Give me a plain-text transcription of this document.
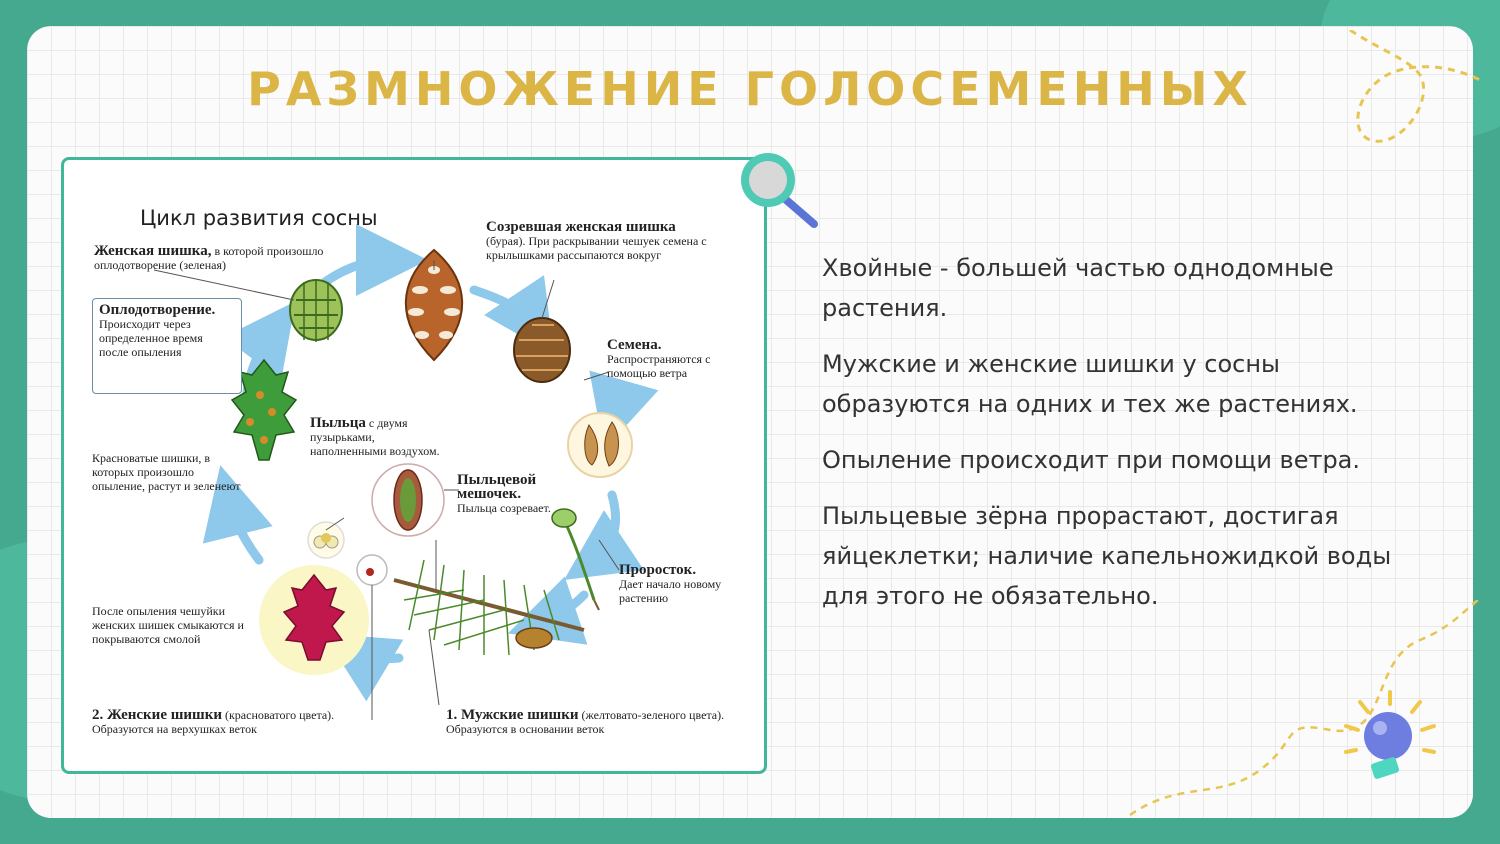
РАЗМНОЖЕНИЕ ГОЛОСЕМЕННЫХ
Цикл развития сосны
Женская шишка, в которой произошло оплодотворение (зеленая)
Оплодотворение.
Происходит через определенное время после опыления
Созревшая женская шишка
(бурая). При раскрывании чешуек семена с крылышками рассыпаются вокруг
Семена.
Распространяются с помощью ветра
Пыльца с двумя пузырьками, наполненными воздухом.
Пыльцевой мешочек.
Пыльца созревает.
Красноватые шишки, в которых произошло опыление, растут и зеленеют
Проросток.
Дает начало новому растению
После опыления чешуйки женских шишек смыкаются и покрываются смолой
2. Женские шишки (красноватого цвета). Образуются на верхушках веток
1. Мужские шишки (желтовато-зеленого цвета). Образуются в основании веток

Хвойные - большей частью однодомные растения.

Мужские и женские шишки у сосны образуются на одних и тех же растениях.

Опыление происходит при помощи ветра.

Пыльцевые зёрна прорастают, достигая яйцеклетки; наличие капельножидкой воды для этого не обязательно.
